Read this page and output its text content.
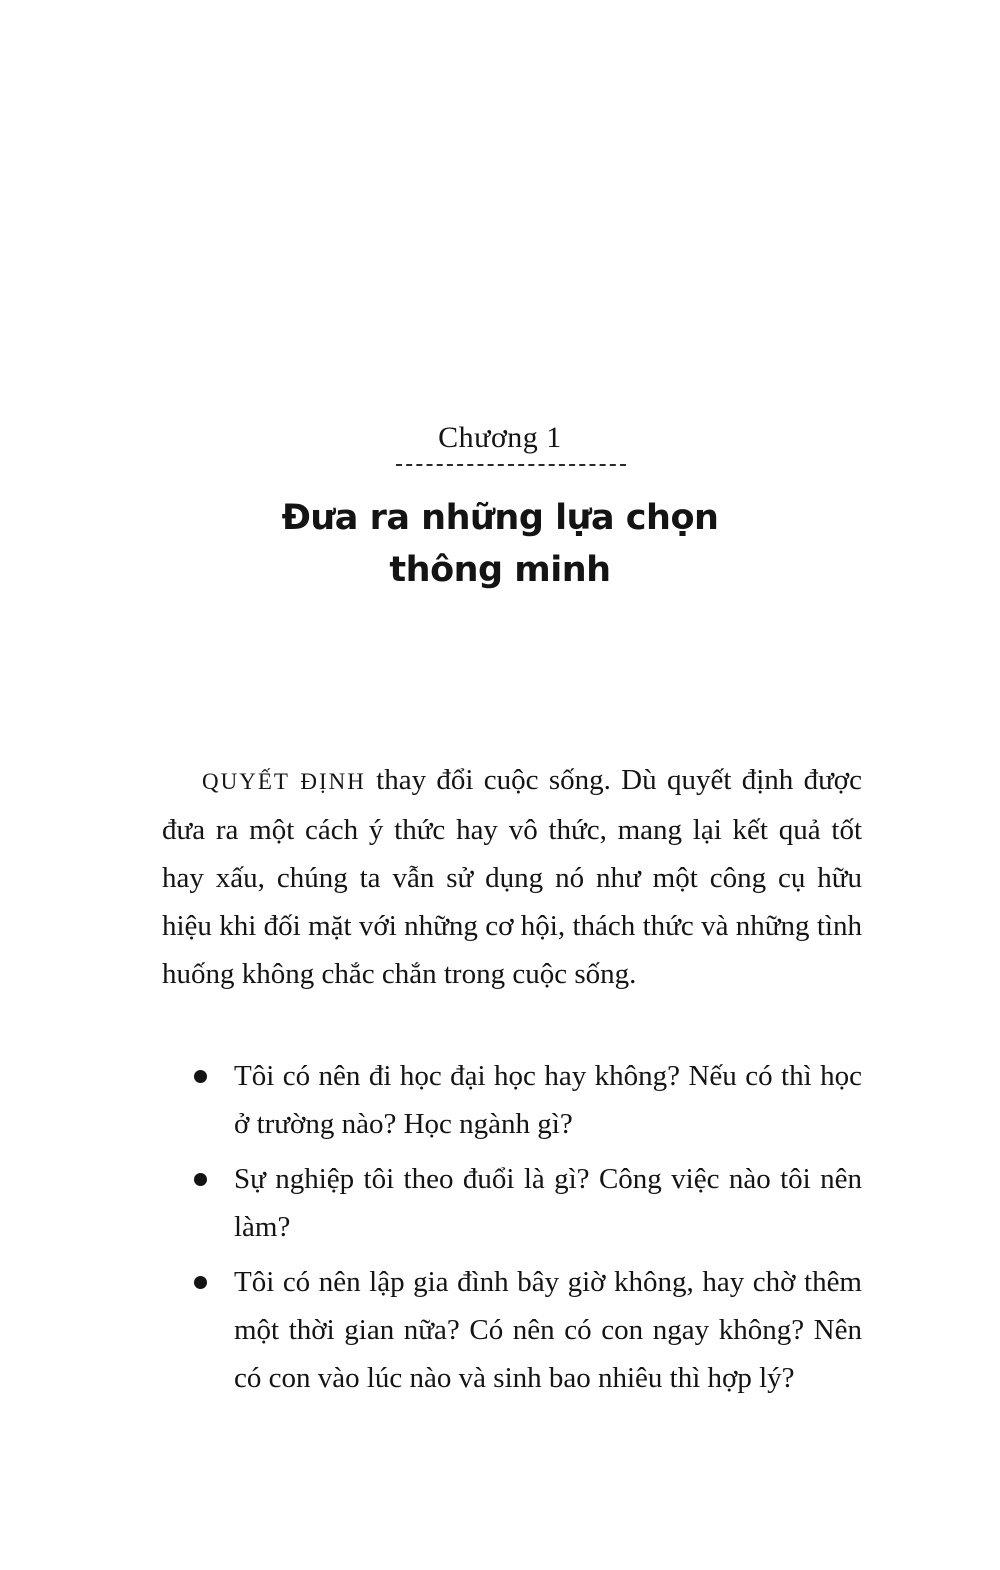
Chương 1
Đưa ra những lựa chọn
thông minh

QUYẾT ĐỊNH thay đổi cuộc sống. Dù quyết định được đưa ra một cách ý thức hay vô thức, mang lại kết quả tốt hay xấu, chúng ta vẫn sử dụng nó như một công cụ hữu hiệu khi đối mặt với những cơ hội, thách thức và những tình huống không chắc chắn trong cuộc sống.

Tôi có nên đi học đại học hay không? Nếu có thì học ở trường nào? Học ngành gì?
Sự nghiệp tôi theo đuổi là gì? Công việc nào tôi nên làm?
Tôi có nên lập gia đình bây giờ không, hay chờ thêm một thời gian nữa? Có nên có con ngay không? Nên có con vào lúc nào và sinh bao nhiêu thì hợp lý?
